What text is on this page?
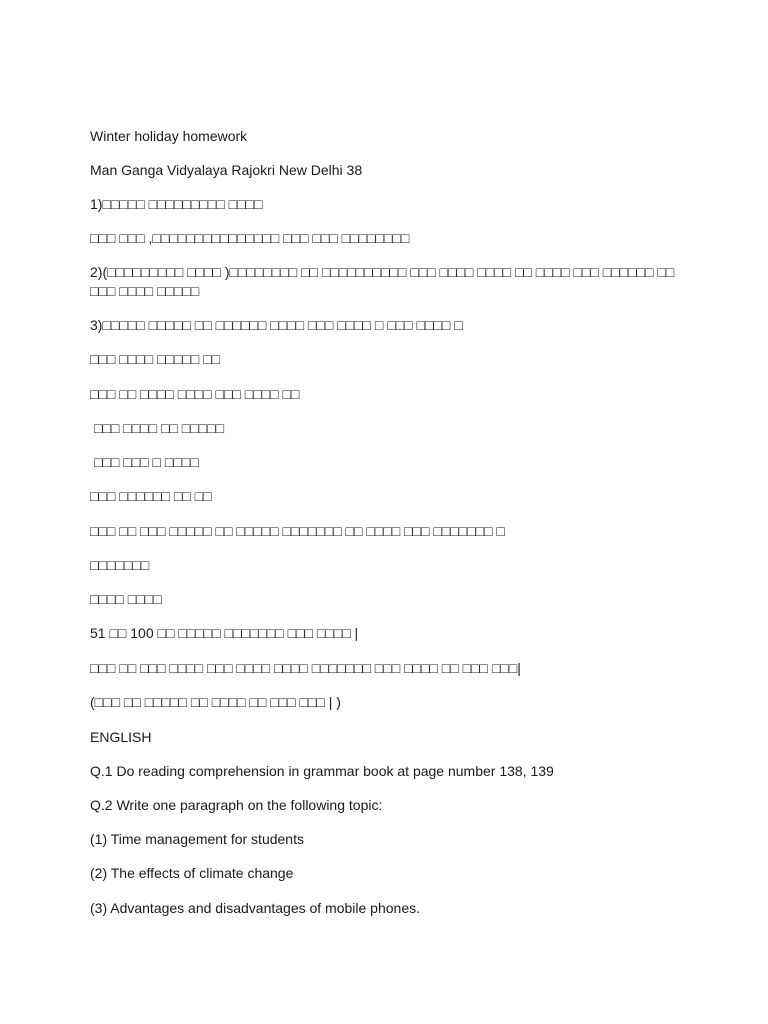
Winter holiday homework

Man Ganga Vidyalaya Rajokri New Delhi 38

1)□□□□□ □□□□□□□□□ □□□□

□□□ □□□ ,□□□□□□□□□□□□□□□ □□□ □□□ □□□□□□□□

2)(□□□□□□□□□ □□□□ )□□□□□□□□ □□ □□□□□□□□□□ □□□ □□□□ □□□□ □□ □□□□ □□□ □□□□□□ □□ □□□ □□□□ □□□□□

3)□□□□□ □□□□□ □□ □□□□□□ □□□□ □□□ □□□□ □ □□□ □□□□ □

□□□ □□□□ □□□□□ □□

□□□ □□ □□□□ □□□□ □□□ □□□□ □□

□□□ □□□□ □□ □□□□□

□□□ □□□ □ □□□□

□□□ □□□□□□ □□ □□

□□□ □□ □□□ □□□□□ □□ □□□□□ □□□□□□□ □□ □□□□ □□□ □□□□□□□ □

□□□□□□□

□□□□ □□□□

51 □□ 100 □□ □□□□□ □□□□□□□ □□□ □□□□ |

□□□ □□ □□□ □□□□ □□□ □□□□ □□□□ □□□□□□□ □□□ □□□□ □□ □□□ □□□|

(□□□ □□ □□□□□ □□ □□□□ □□ □□□ □□□ | )

ENGLISH

Q.1 Do reading comprehension in grammar book at page number 138, 139

Q.2 Write one paragraph on the following topic:

(1) Time management for students

(2) The effects of climate change

(3) Advantages and disadvantages of mobile phones.
